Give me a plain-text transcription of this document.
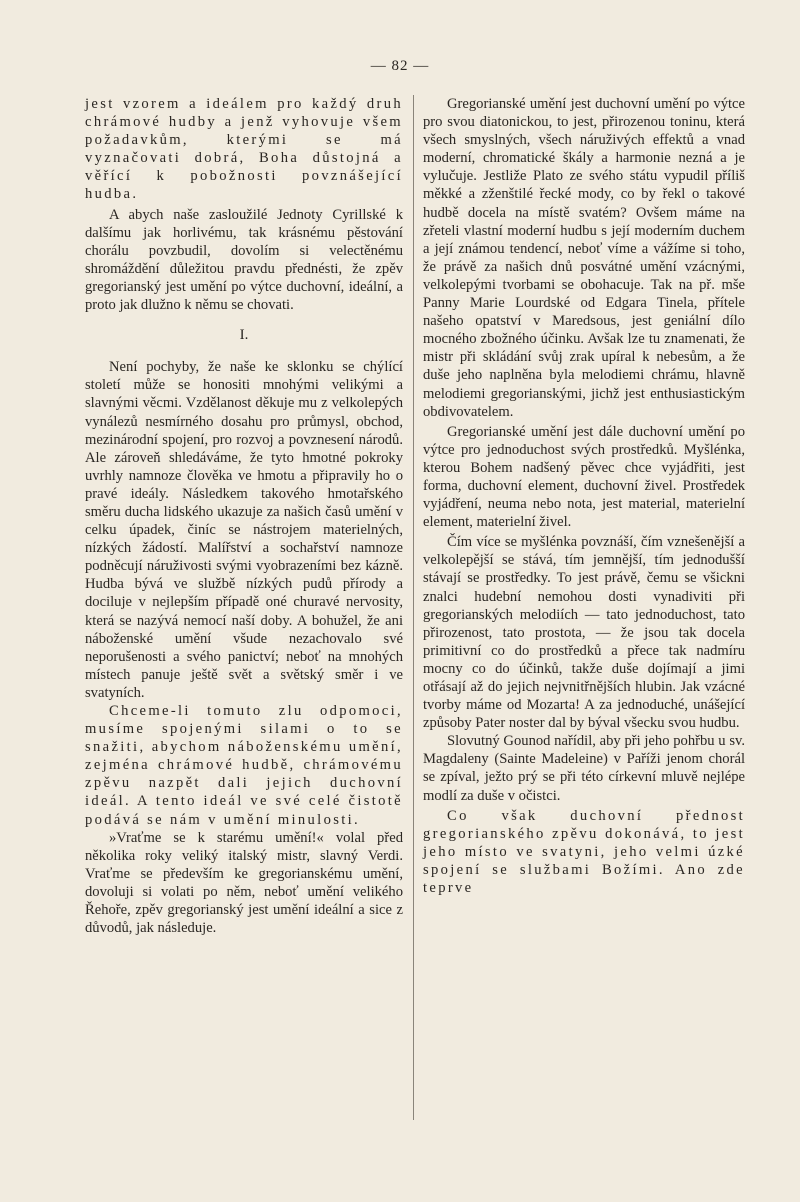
— 82 —

jest vzorem a ideálem pro každý druh chrámové hudby a jenž vyhovuje všem požadavkům, kterými se má vyznačovati dobrá, Boha důstojná a věřící k pobožnosti povznášející hudba.

A abych naše zasloužilé Jednoty Cyrillské k dalšímu jak horlivému, tak krásnému pěstování chorálu povzbudil, dovolím si velectěnému shromáždění důležitou pravdu přednésti, že zpěv gregorianský jest umění po výtce duchovní, ideální, a proto jak dlužno k němu se chovati.

I.

Není pochyby, že naše ke sklonku se chýlící století může se honositi mnohými velikými a slavnými věcmi. Vzdělanost děkuje mu z velkolepých vynálezů nesmírného dosahu pro průmysl, obchod, mezinárodní spojení, pro rozvoj a povznesení národů. Ale zároveň shledáváme, že tyto hmotné pokroky uvrhly namnoze člověka ve hmotu a připravily ho o pravé ideály. Následkem takového hmotařského směru ducha lidského ukazuje za našich časů umění v celku úpadek, činíc se nástrojem materielných, nízkých žádostí. Malířství a sochařství namnoze podněcují náruživosti svými vyobrazeními bez kázně. Hudba bývá ve službě nízkých pudů přírody a dociluje v nejlepším případě oné churavé nervosity, která se nazývá nemocí naší doby. A bohužel, že ani náboženské umění všude nezachovalo své neporušenosti a svého panictví; neboť na mnohých místech panuje ještě svět a světský směr i ve svatyních.

Chceme-li tomuto zlu odpomoci, musíme spojenými silami o to se snažiti, abychom náboženskému umění, zejména chrámové hudbě, chrámovému zpěvu nazpět dali jejich duchovní ideál. A tento ideál ve své celé čistotě podává se nám v umění minulosti.

»Vraťme se k starému umění!« volal před několika roky veliký italský mistr, slavný Verdi. Vraťme se především ke gregorianskému umění, dovoluji si volati po něm, neboť umění velikého Řehoře, zpěv gregorianský jest umění ideální a sice z důvodů, jak následuje.

Gregorianské umění jest duchovní umění po výtce pro svou diatonickou, to jest, přirozenou toninu, která všech smyslných, všech náruživých effektů a vnad moderní, chromatické škály a harmonie nezná a je vylučuje. Jestliže Plato ze svého státu vypudil příliš měkké a zženštilé řecké mody, co by řekl o takové hudbě docela na místě svatém? Ovšem máme na zřeteli vlastní moderní hudbu s její moderním duchem a její známou tendencí, neboť víme a vážíme si toho, že právě za našich dnů posvátné umění vzácnými, velkolepými tvorbami se obohacuje. Tak na př. mše Panny Marie Lourdské od Edgara Tinela, přítele našeho opatství v Maredsous, jest geniální dílo mocného zbožného účinku. Avšak lze tu znamenati, že mistr při skládání svůj zrak upíral k nebesům, a že duše jeho naplněna byla melodiemi chrámu, hlavně melodiemi gregorianskými, jichž jest enthusiastickým obdivovatelem.

Gregorianské umění jest dále duchovní umění po výtce pro jednoduchost svých prostředků. Myšlénka, kterou Bohem nadšený pěvec chce vyjádřiti, jest forma, duchovní element, duchovní živel. Prostředek vyjádření, neuma nebo nota, jest material, materielní element, materielní živel.

Čím více se myšlénka povznáší, čím vznešenější a velkolepější se stává, tím jemnější, tím jednodušší stávají se prostředky. To jest právě, čemu se všickni znalci hudební nemohou dosti vynadiviti při gregorianských melodiích — tato jednoduchost, tato přirozenost, tato prostota, — že jsou tak docela primitivní co do prostředků a přece tak nadmíru mocny co do účinků, takže duše dojímají a jimi otřásají až do jejich nejvnitřnějších hlubin. Jak vzácné tvorby máme od Mozarta! A za jednoduché, unášející způsoby Pater noster dal by býval všecku svou hudbu.

Slovutný Gounod nařídil, aby při jeho pohřbu u sv. Magdaleny (Sainte Madeleine) v Paříži jenom chorál se zpíval, ježto prý se při této církevní mluvě nejlépe modlí za duše v očistci.

Co však duchovní přednost gregorianského zpěvu dokonává, to jest jeho místo ve svatyni, jeho velmi úzké spojení se službami Božími. Ano zde teprve
